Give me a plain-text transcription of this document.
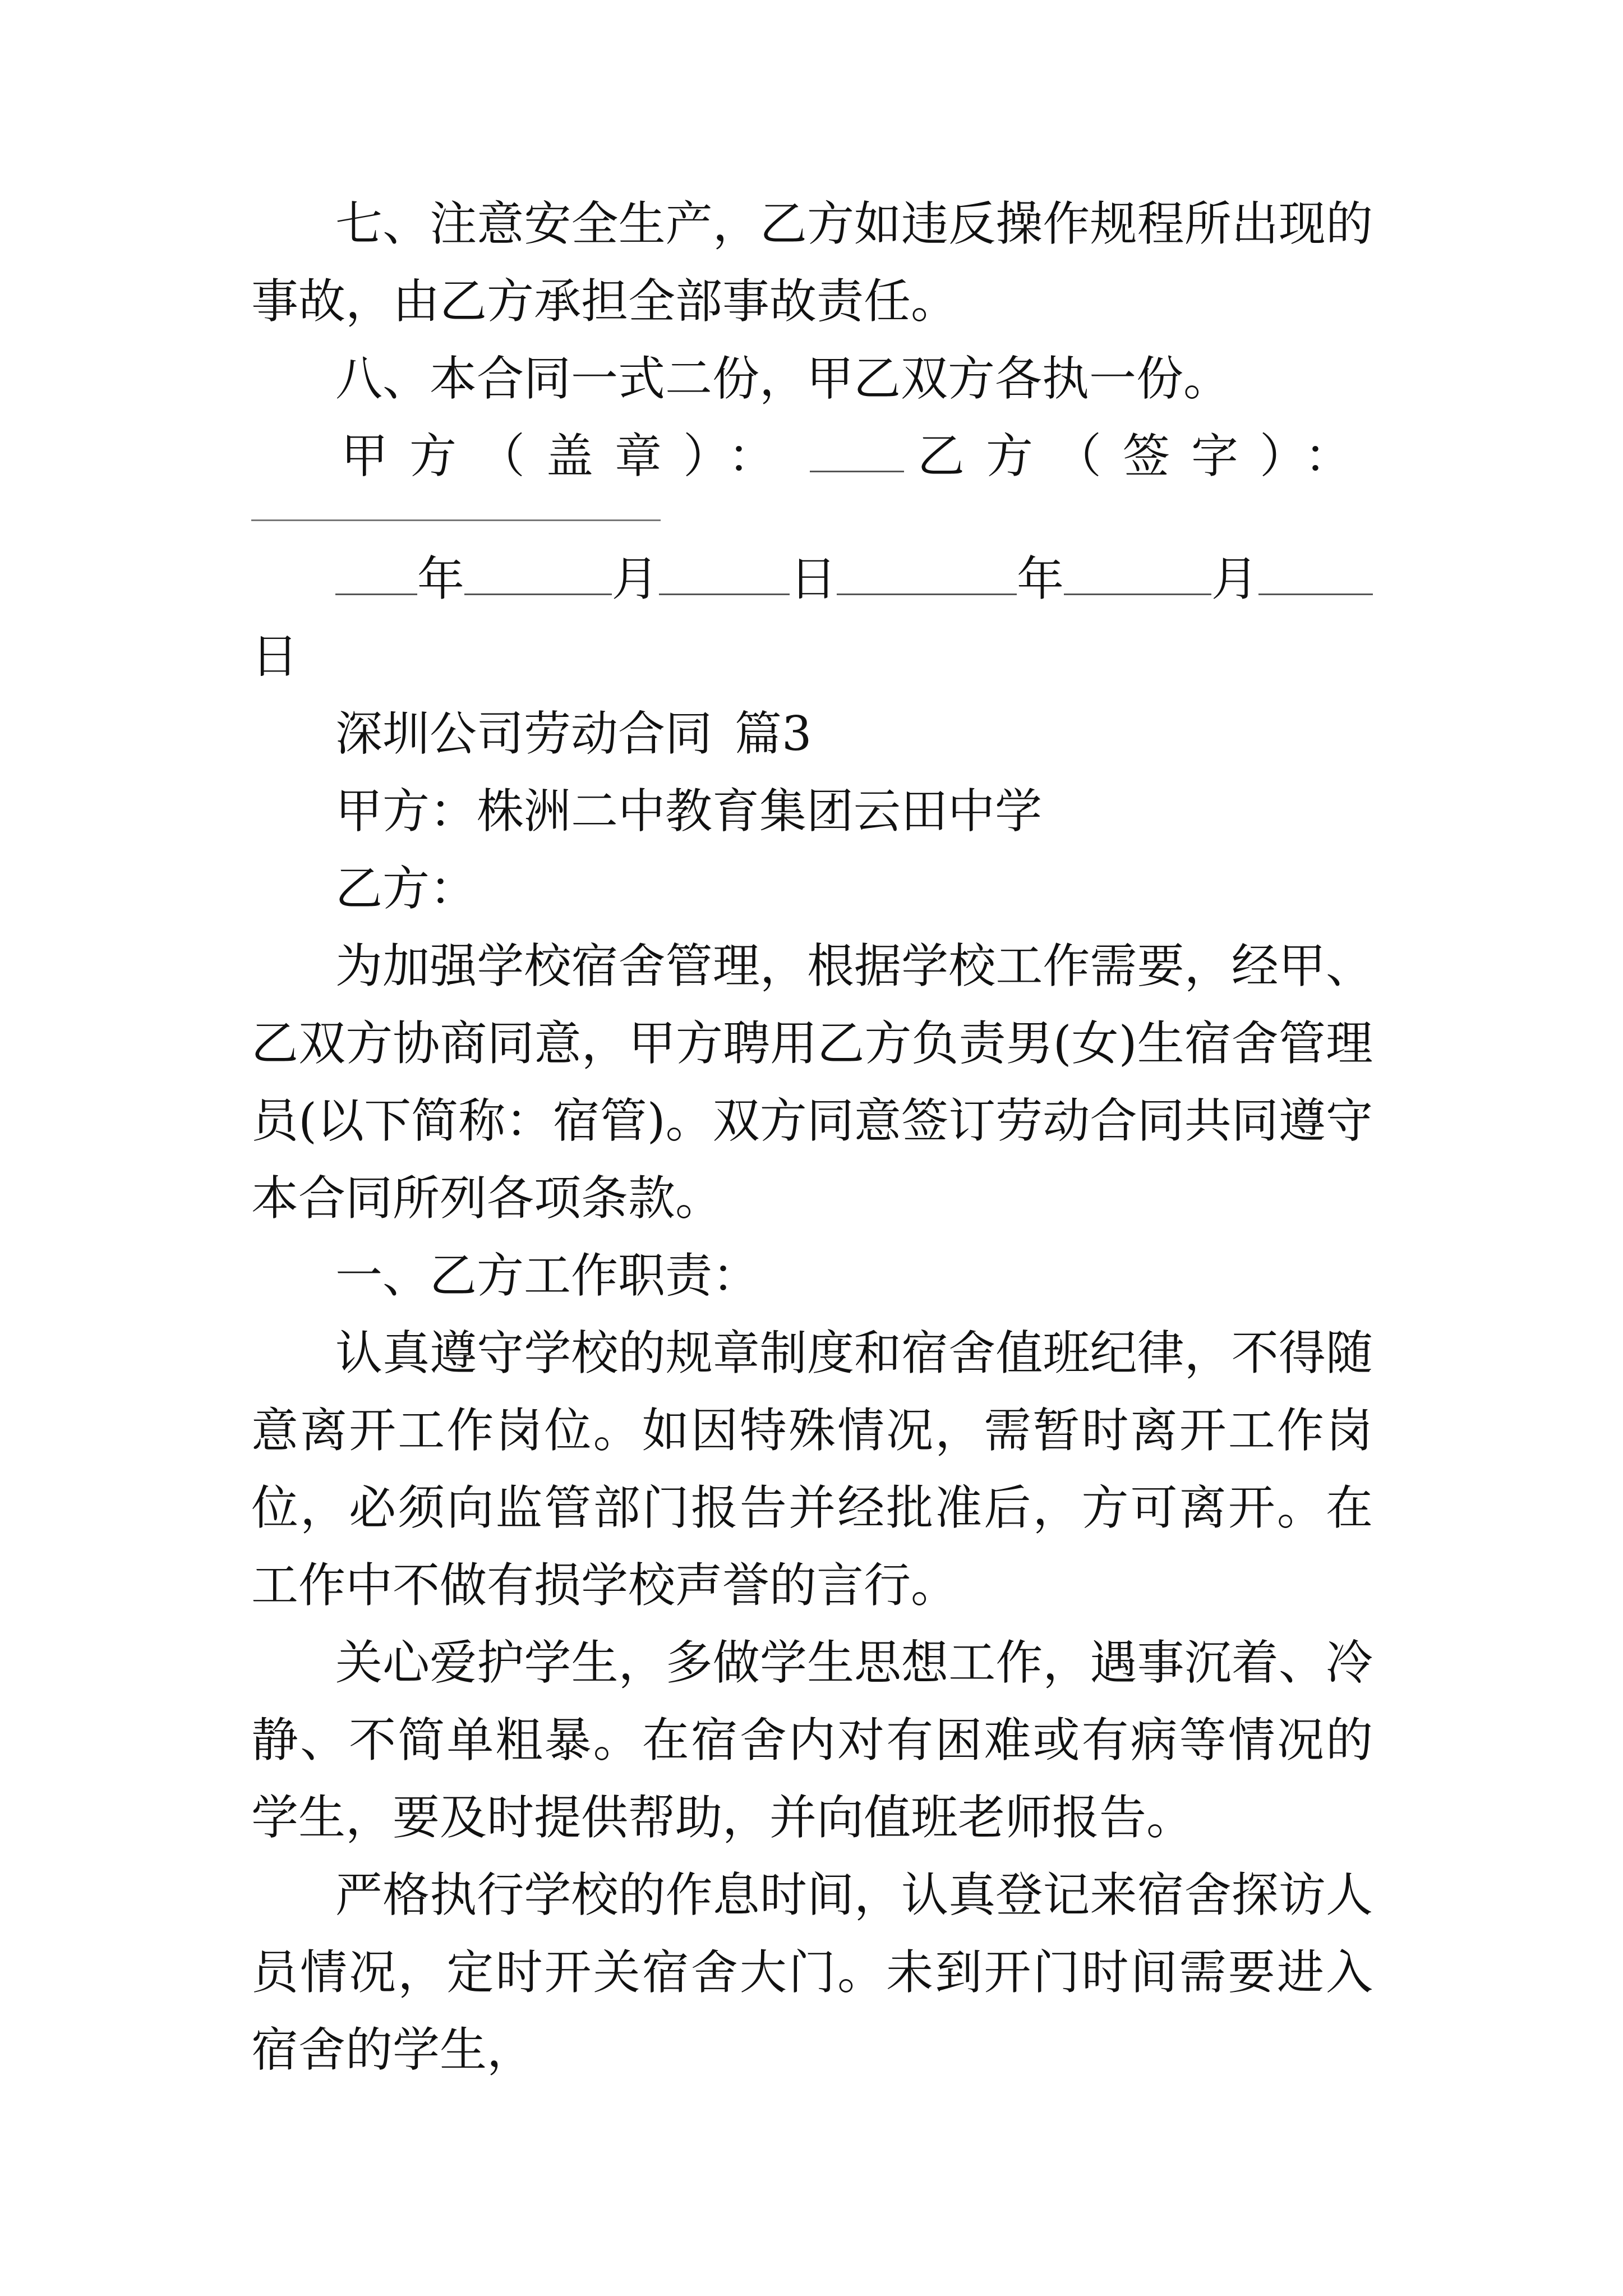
七、注意安全生产，乙方如违反操作规程所出现的事故，由乙方承担全部事故责任。

八、本合同一式二份，甲乙双方各执一份。

甲方（盖章）：	乙方（签字）：
年	月	日	年	月

日

深圳公司劳动合同 篇3

甲方：株洲二中教育集团云田中学

乙方：

为加强学校宿舍管理，根据学校工作需要，经甲、乙双方协商同意，甲方聘用乙方负责男(女)生宿舍管理员(以下简称：宿管)。双方同意签订劳动合同共同遵守本合同所列各项条款。

一、乙方工作职责：

认真遵守学校的规章制度和宿舍值班纪律，不得随意离开工作岗位。如因特殊情况，需暂时离开工作岗位，必须向监管部门报告并经批准后，方可离开。在工作中不做有损学校声誉的言行。

关心爱护学生，多做学生思想工作，遇事沉着、冷静、不简单粗暴。在宿舍内对有困难或有病等情况的学生，要及时提供帮助，并向值班老师报告。

严格执行学校的作息时间，认真登记来宿舍探访人员情况，定时开关宿舍大门。未到开门时间需要进入宿舍的学生，
